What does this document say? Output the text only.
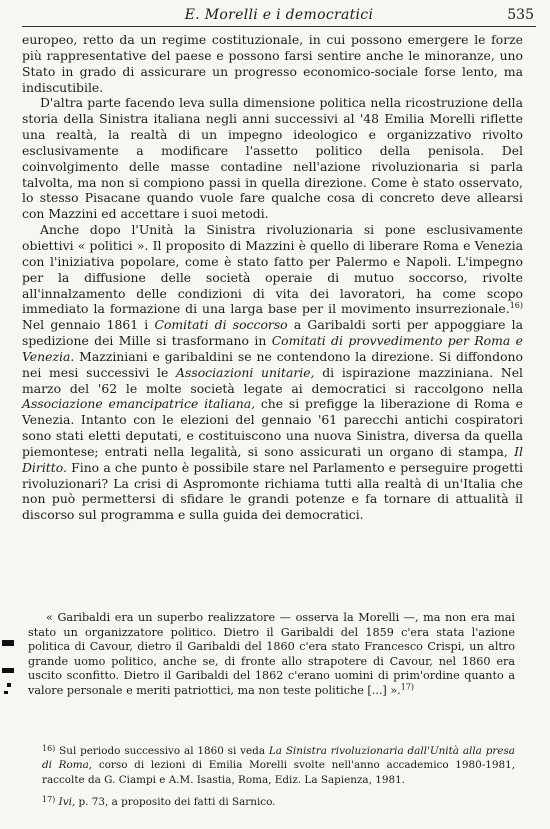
E. Morelli e i democratici	535

europeo, retto da un regime costituzionale, in cui possono emergere le forze più rappresentative del paese e possono farsi sentire anche le minoranze, uno Stato in grado di assicurare un progresso economico-sociale forse lento, ma indiscutibile.

D'altra parte facendo leva sulla dimensione politica nella ricostruzione della storia della Sinistra italiana negli anni successivi al '48 Emilia Morelli riflette una realtà, la realtà di un impegno ideologico e organizzativo rivolto esclusivamente a modificare l'assetto politico della penisola. Del coinvolgimento delle masse contadine nell'azione rivoluzionaria si parla talvolta, ma non si compiono passi in quella direzione. Come è stato osservato, lo stesso Pisacane quando vuole fare qualche cosa di concreto deve allearsi con Mazzini ed accettare i suoi metodi.

Anche dopo l'Unità la Sinistra rivoluzionaria si pone esclusivamente obiettivi « politici ». Il proposito di Mazzini è quello di liberare Roma e Venezia con l'iniziativa popolare, come è stato fatto per Palermo e Napoli. L'impegno per la diffusione delle società operaie di mutuo soccorso, rivolte all'innalzamento delle condizioni di vita dei lavoratori, ha come scopo immediato la formazione di una larga base per il movimento insurrezionale.$^{16)}$ Nel gennaio 1861 i Comitati di soccorso a Garibaldi sorti per appoggiare la spedizione dei Mille si trasformano in Comitati di provvedimento per Roma e Venezia. Mazziniani e garibaldini se ne contendono la direzione. Si diffondono nei mesi successivi le Associazioni unitarie, di ispirazione mazziniana. Nel marzo del '62 le molte società legate ai democratici si raccolgono nella Associazione emancipatrice italiana, che si prefigge la liberazione di Roma e Venezia. Intanto con le elezioni del gennaio '61 parecchi antichi cospiratori sono stati eletti deputati, e costituiscono una nuova Sinistra, diversa da quella piemontese; entrati nella legalità, si sono assicurati un organo di stampa, Il Diritto. Fino a che punto è possibile stare nel Parlamento e perseguire progetti rivoluzionari? La crisi di Aspromonte richiama tutti alla realtà di un'Italia che non può permettersi di sfidare le grandi potenze e fa tornare di attualità il discorso sul programma e sulla guida dei democratici.

« Garibaldi era un superbo realizzatore — osserva la Morelli —, ma non era mai stato un organizzatore politico. Dietro il Garibaldi del 1859 c'era stata l'azione politica di Cavour, dietro il Garibaldi del 1860 c'era stato Francesco Crispi, un altro grande uomo politico, anche se, di fronte allo strapotere di Cavour, nel 1860 era uscito sconfitto. Dietro il Garibaldi del 1862 c'erano uomini di prim'ordine quanto a valore personale e meriti patriottici, ma non teste politiche [...] ».$^{17)}$

$^{16)}$ Sul periodo successivo al 1860 si veda La Sinistra rivoluzionaria dall'Unità alla presa di Roma, corso di lezioni di Emilia Morelli svolte nell'anno accademico 1980-1981, raccolte da G. Ciampi e A.M. Isastia, Roma, Ediz. La Sapienza, 1981.

$^{17)}$ Ivi, p. 73, a proposito dei fatti di Sarnico.
